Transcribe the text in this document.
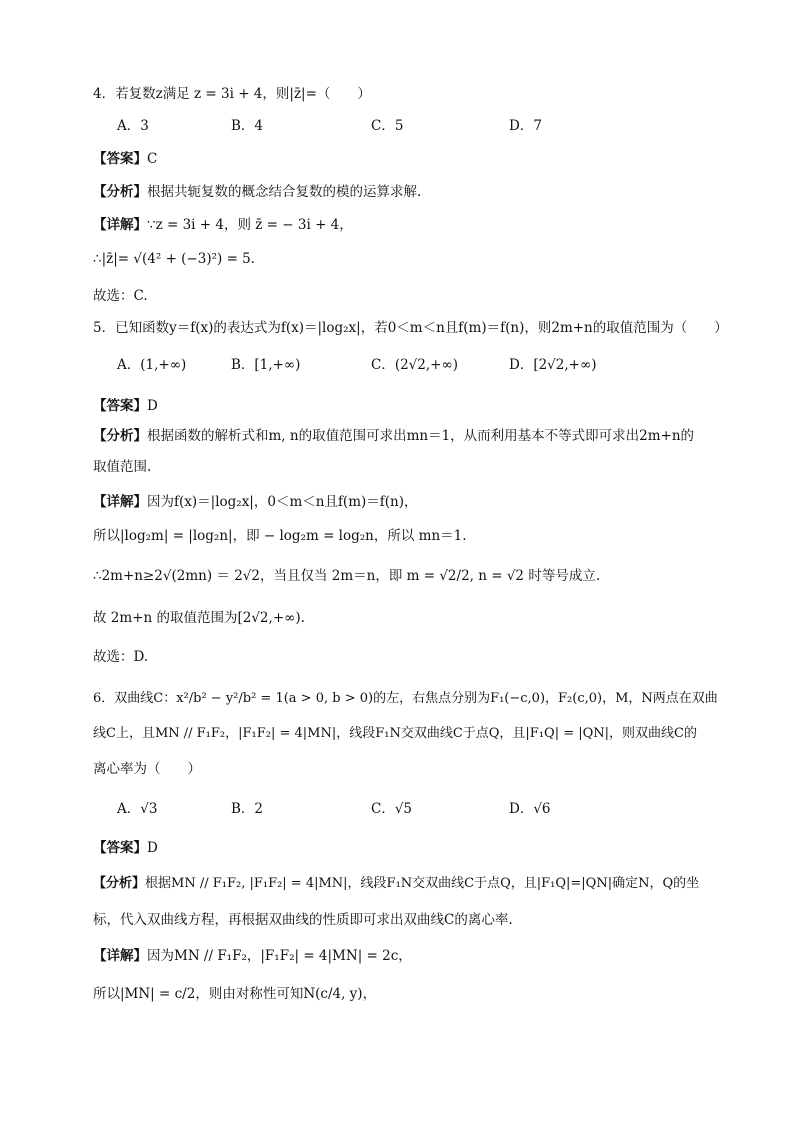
4．若复数z满足 z = 3i + 4，则|z̄|=（　　）
A．3	B．4	C．5	D．7
【答案】C
【分析】根据共轭复数的概念结合复数的模的运算求解.
【详解】∵z = 3i + 4，则 z̄ = − 3i + 4，
∴|z̄|= √(4² + (−3)²) = 5.
故选：C.
5．已知函数y＝f(x)的表达式为f(x)＝|log₂x|，若0＜m＜n且f(m)＝f(n)，则2m+n的取值范围为（　　）
A．(1,+∞)	B．[1,+∞)	C．(2√2,+∞)	D．[2√2,+∞)
【答案】D
【分析】根据函数的解析式和m, n的取值范围可求出mn＝1，从而利用基本不等式即可求出2m+n的
取值范围.
【详解】因为f(x)＝|log₂x|，0＜m＜n且f(m)＝f(n)，
所以|log₂m| = |log₂n|，即 − log₂m = log₂n，所以 mn＝1.
∴2m+n≥2√(2mn) ＝ 2√2，当且仅当 2m＝n，即 m = √2/2, n = √2 时等号成立.
故 2m+n 的取值范围为[2√2,+∞).
故选：D.
6．双曲线C：x²/b² − y²/b² = 1(a > 0, b > 0)的左，右焦点分别为F₁(−c,0)，F₂(c,0)，M，N两点在双曲
线C上，且MN // F₁F₂，|F₁F₂| = 4|MN|，线段F₁N交双曲线C于点Q，且|F₁Q| = |QN|，则双曲线C的
离心率为（　　）
A．√3	B．2	C．√5	D．√6
【答案】D
【分析】根据MN // F₁F₂, |F₁F₂| = 4|MN|，线段F₁N交双曲线C于点Q，且|F₁Q|=|QN|确定N，Q的坐
标，代入双曲线方程，再根据双曲线的性质即可求出双曲线C的离心率.
【详解】因为MN // F₁F₂，|F₁F₂| = 4|MN| = 2c，
所以|MN| = c/2，则由对称性可知N(c/4, y)，
